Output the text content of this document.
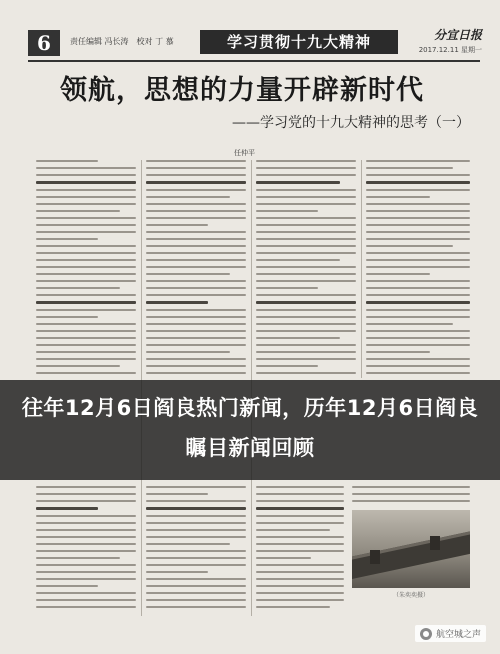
6	责任编辑 冯长涛　校对 丁 慕	学习贯彻十九大精神	分宜日报
2017.12.11 星期一
领航，思想的力量开辟新时代
——学习党的十九大精神的思考（一）
任仲平
（朱奕奕摄）
往年12月6日阎良热门新闻，历年12月6日阎良瞩目新闻回顾
航空城之声
